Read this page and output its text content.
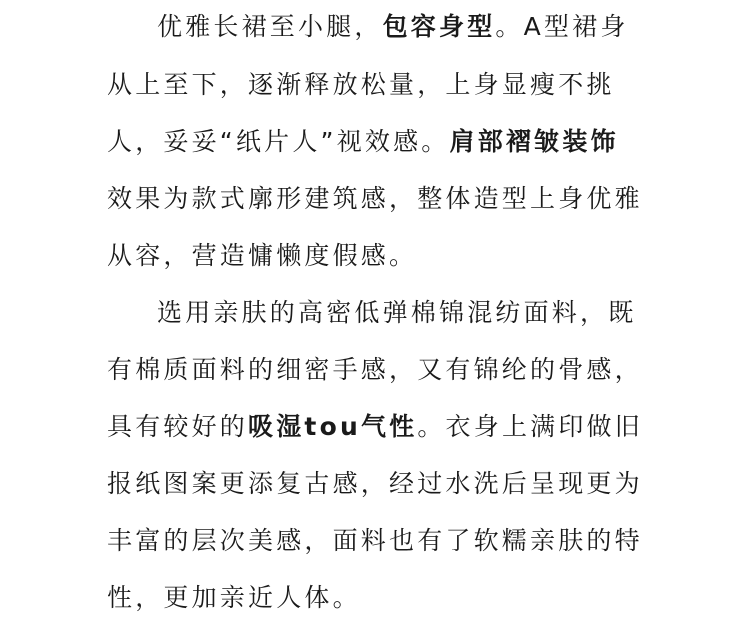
优雅长裙至小腿，包容身型。A型裙身
从上至下，逐渐释放松量，上身显瘦不挑
人，妥妥“纸片人”视效感。肩部褶皱装饰
效果为款式廓形建筑感，整体造型上身优雅
从容，营造慵懒度假感。
选用亲肤的高密低弹棉锦混纺面料，既
有棉质面料的细密手感，又有锦纶的骨感，
具有较好的吸湿tou气性。衣身上满印做旧
报纸图案更添复古感，经过水洗后呈现更为
丰富的层次美感，面料也有了软糯亲肤的特
性，更加亲近人体。
